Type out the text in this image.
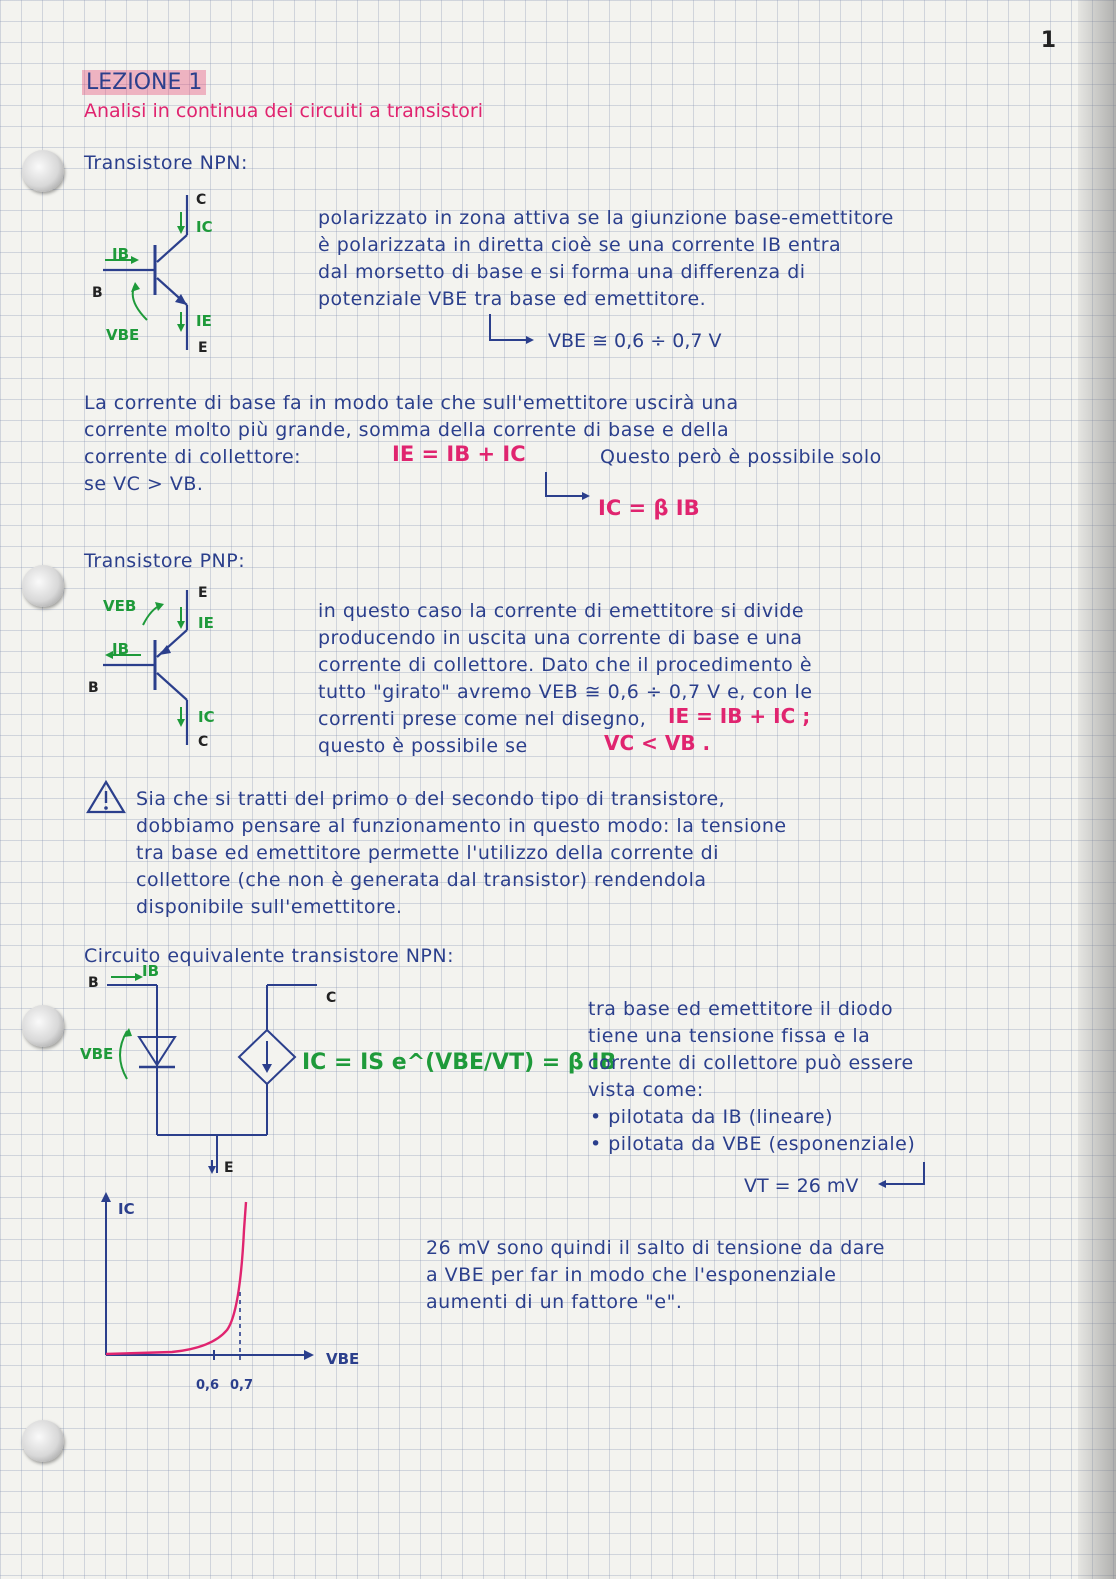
1
LEZIONE 1
Analisi in continua dei circuiti a transistori
Transistore NPN:
C
IC
IB
B
IE
VBE
E
polarizzato in zona attiva se la giunzione base-emettitore
è polarizzata in diretta cioè se una corrente IB entra
dal morsetto di base e si forma una differenza di
potenziale VBE tra base ed emettitore.
VBE ≅ 0,6 ÷ 0,7 V
La corrente di base fa in modo tale che sull'emettitore uscirà una
corrente molto più grande, somma della corrente di base e della
corrente di collettore:	IE = IB + IC	Questo però è possibile solo
se VC > VB.
IC = β IB
Transistore PNP:
VEB
E
IE
IB
B
IC
C
in questo caso la corrente di emettitore si divide
producendo in uscita una corrente di base e una
corrente di collettore. Dato che il procedimento è
tutto "girato" avremo VEB ≅ 0,6 ÷ 0,7 V e, con le
correnti prese come nel disegno, IE = IB + IC ;
questo è possibile se	VC < VB .
Sia che si tratti del primo o del secondo tipo di transistore,
dobbiamo pensare al funzionamento in questo modo: la tensione
tra base ed emettitore permette l'utilizzo della corrente di
collettore (che non è generata dal transistor) rendendola
disponibile sull'emettitore.
Circuito equivalente transistore NPN:
IB
B
C
VBE
E
IC = IS e^(VBE/VT) = β IB
tra base ed emettitore il diodo
tiene una tensione fissa e la
corrente di collettore può essere
vista come:
• pilotata da IB (lineare)
• pilotata da VBE (esponenziale)
VT = 26 mV
IC
VBE
0,6 0,7
26 mV sono quindi il salto di tensione da dare
a VBE per far in modo che l'esponenziale
aumenti di un fattore "e".
